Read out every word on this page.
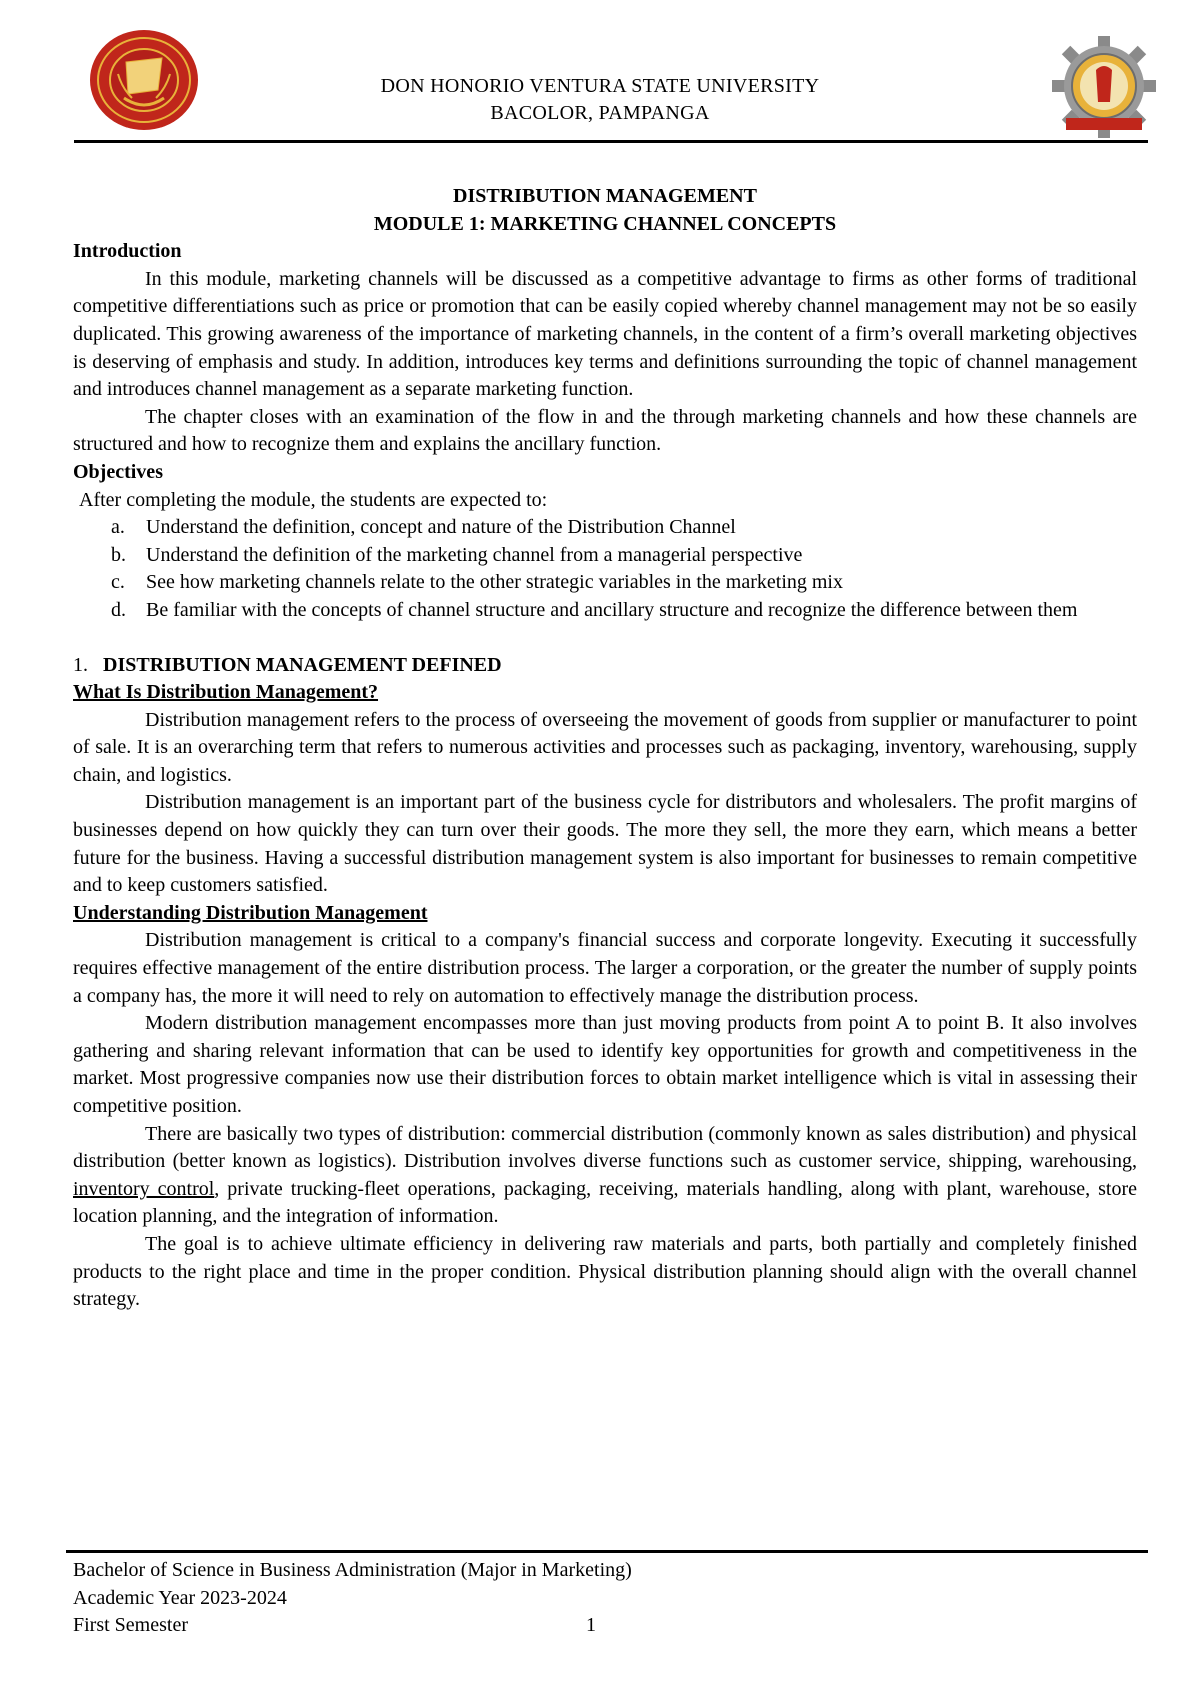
DON HONORIO VENTURA STATE UNIVERSITY
BACOLOR, PAMPANGA
DISTRIBUTION MANAGEMENT
MODULE 1: MARKETING CHANNEL CONCEPTS
Introduction

In this module, marketing channels will be discussed as a competitive advantage to firms as other forms of traditional competitive differentiations such as price or promotion that can be easily copied whereby channel management may not be so easily duplicated. This growing awareness of the importance of marketing channels, in the content of a firm’s overall marketing objectives is deserving of emphasis and study. In addition, introduces key terms and definitions surrounding the topic of channel management and introduces channel management as a separate marketing function.

The chapter closes with an examination of the flow in and the through marketing channels and how these channels are structured and how to recognize them and explains the ancillary function.

Objectives

After completing the module, the students are expected to:

a. Understand the definition, concept and nature of the Distribution Channel
b. Understand the definition of the marketing channel from a managerial perspective
c. See how marketing channels relate to the other strategic variables in the marketing mix
d. Be familiar with the concepts of channel structure and ancillary structure and recognize the difference between them
1. DISTRIBUTION MANAGEMENT DEFINED
What Is Distribution Management?

Distribution management refers to the process of overseeing the movement of goods from supplier or manufacturer to point of sale. It is an overarching term that refers to numerous activities and processes such as packaging, inventory, warehousing, supply chain, and logistics.

Distribution management is an important part of the business cycle for distributors and wholesalers. The profit margins of businesses depend on how quickly they can turn over their goods. The more they sell, the more they earn, which means a better future for the business. Having a successful distribution management system is also important for businesses to remain competitive and to keep customers satisfied.

Understanding Distribution Management

Distribution management is critical to a company's financial success and corporate longevity. Executing it successfully requires effective management of the entire distribution process. The larger a corporation, or the greater the number of supply points a company has, the more it will need to rely on automation to effectively manage the distribution process.

Modern distribution management encompasses more than just moving products from point A to point B. It also involves gathering and sharing relevant information that can be used to identify key opportunities for growth and competitiveness in the market. Most progressive companies now use their distribution forces to obtain market intelligence which is vital in assessing their competitive position.

There are basically two types of distribution: commercial distribution (commonly known as sales distribution) and physical distribution (better known as logistics). Distribution involves diverse functions such as customer service, shipping, warehousing, inventory control, private trucking-fleet operations, packaging, receiving, materials handling, along with plant, warehouse, store location planning, and the integration of information.

The goal is to achieve ultimate efficiency in delivering raw materials and parts, both partially and completely finished products to the right place and time in the proper condition. Physical distribution planning should align with the overall channel strategy.

Bachelor of Science in Business Administration (Major in Marketing)
Academic Year 2023-2024
First Semester	1
